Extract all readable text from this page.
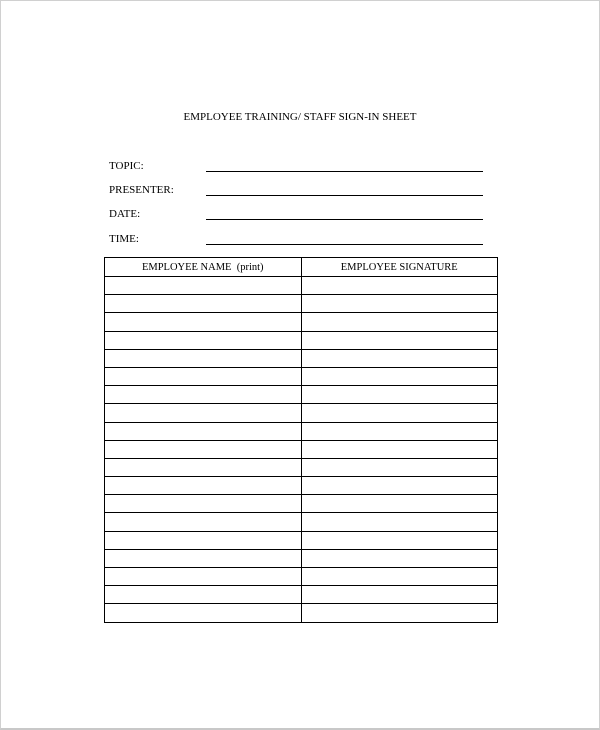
EMPLOYEE TRAINING/ STAFF SIGN-IN SHEET
TOPIC:
PRESENTER:
DATE:
TIME:
EMPLOYEE NAME  (print)	EMPLOYEE SIGNATURE
